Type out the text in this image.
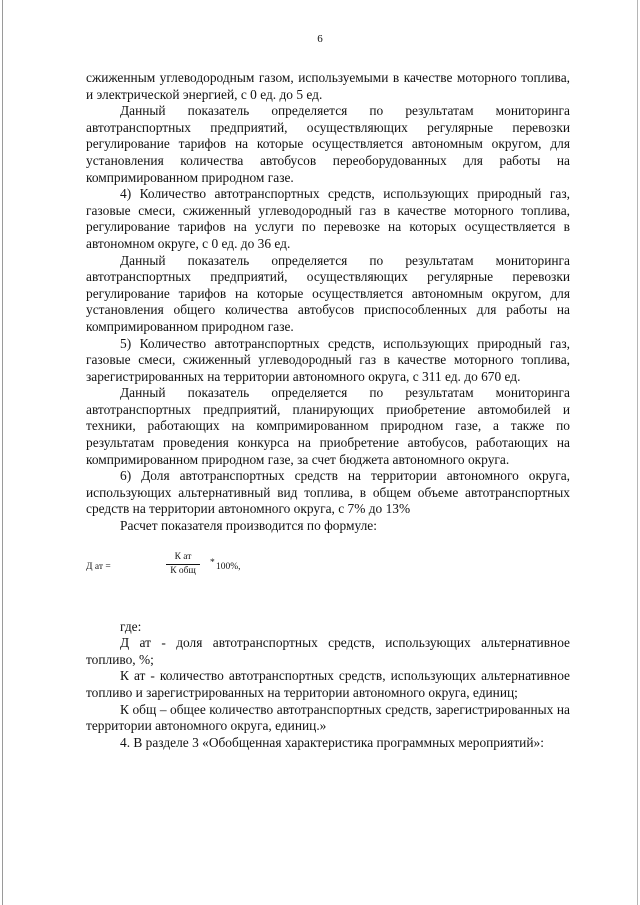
6

сжиженным углеводородным газом, используемыми в качестве моторного топлива, и электрической энергией, с 0 ед. до 5 ед.

Данный показатель определяется по результатам мониторинга автотранспортных предприятий, осуществляющих регулярные перевозки регулирование тарифов на которые осуществляется автономным округом, для установления количества автобусов переоборудованных для работы на компримированном природном газе.

4) Количество автотранспортных средств, использующих природный газ, газовые смеси, сжиженный углеводородный газ в качестве моторного топлива, регулирование тарифов на услуги по перевозке на которых осуществляется в автономном округе, с 0 ед. до 36 ед.

Данный показатель определяется по результатам мониторинга автотранспортных предприятий, осуществляющих регулярные перевозки регулирование тарифов на которые осуществляется автономным округом, для установления общего количества автобусов приспособленных для работы на компримированном природном газе.

5) Количество автотранспортных средств, использующих природный газ, газовые смеси, сжиженный углеводородный газ в качестве моторного топлива, зарегистрированных на территории автономного округа, с 311 ед. до 670 ед.

Данный показатель определяется по результатам мониторинга автотранспортных предприятий, планирующих приобретение автомобилей и техники, работающих на компримированном природном газе, а также по результатам проведения конкурса на приобретение автобусов, работающих на компримированном природном газе, за счет бюджета автономного округа.

6) Доля автотранспортных средств на территории автономного округа, использующих альтернативный вид топлива, в общем объеме автотранспортных средств на территории автономного округа, с 7% до 13%

Расчет показателя производится по формуле:

Д ат =
К ат
К общ
* 100%,

где:

Д ат - доля автотранспортных средств, использующих альтернативное топливо, %;

К ат - количество автотранспортных средств, использующих альтернативное топливо и зарегистрированных на территории автономного округа, единиц;

К общ – общее количество автотранспортных средств, зарегистрированных на территории автономного округа, единиц.»

4. В разделе 3 «Обобщенная характеристика программных мероприятий»:
